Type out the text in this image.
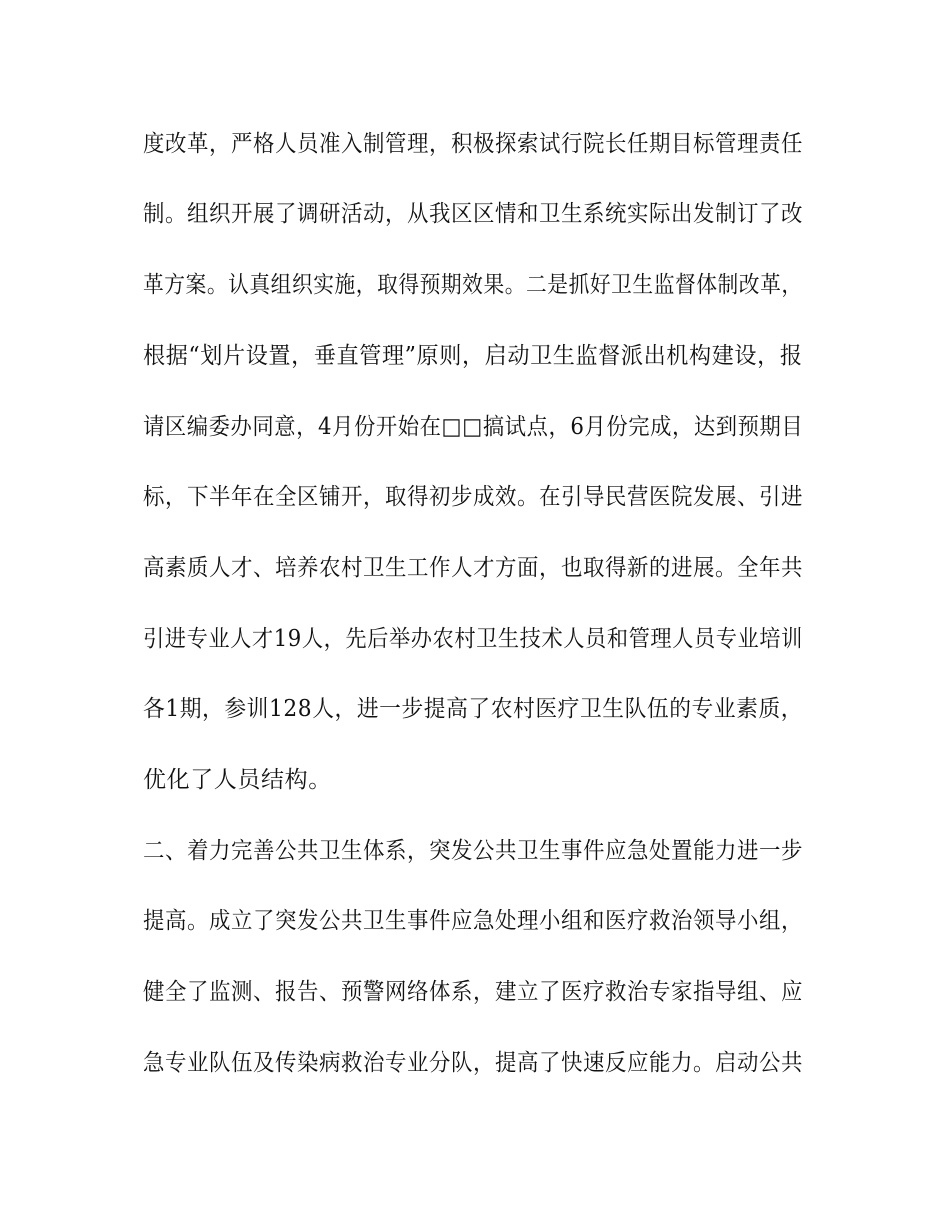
度改革，严格人员准入制管理，积极探索试行院长任期目标管理责任
制。组织开展了调研活动，从我区区情和卫生系统实际出发制订了改
革方案。认真组织实施，取得预期效果。二是抓好卫生监督体制改革，
根据“划片设置，垂直管理”原则，启动卫生监督派出机构建设，报
请区编委办同意，4月份开始在□□搞试点，6月份完成，达到预期目
标，下半年在全区铺开，取得初步成效。在引导民营医院发展、引进
高素质人才、培养农村卫生工作人才方面，也取得新的进展。全年共
引进专业人才19人，先后举办农村卫生技术人员和管理人员专业培训
各1期，参训128人，进一步提高了农村医疗卫生队伍的专业素质，
优化了人员结构。
二、着力完善公共卫生体系，突发公共卫生事件应急处置能力进一步
提高。成立了突发公共卫生事件应急处理小组和医疗救治领导小组，
健全了监测、报告、预警网络体系，建立了医疗救治专家指导组、应
急专业队伍及传染病救治专业分队，提高了快速反应能力。启动公共
